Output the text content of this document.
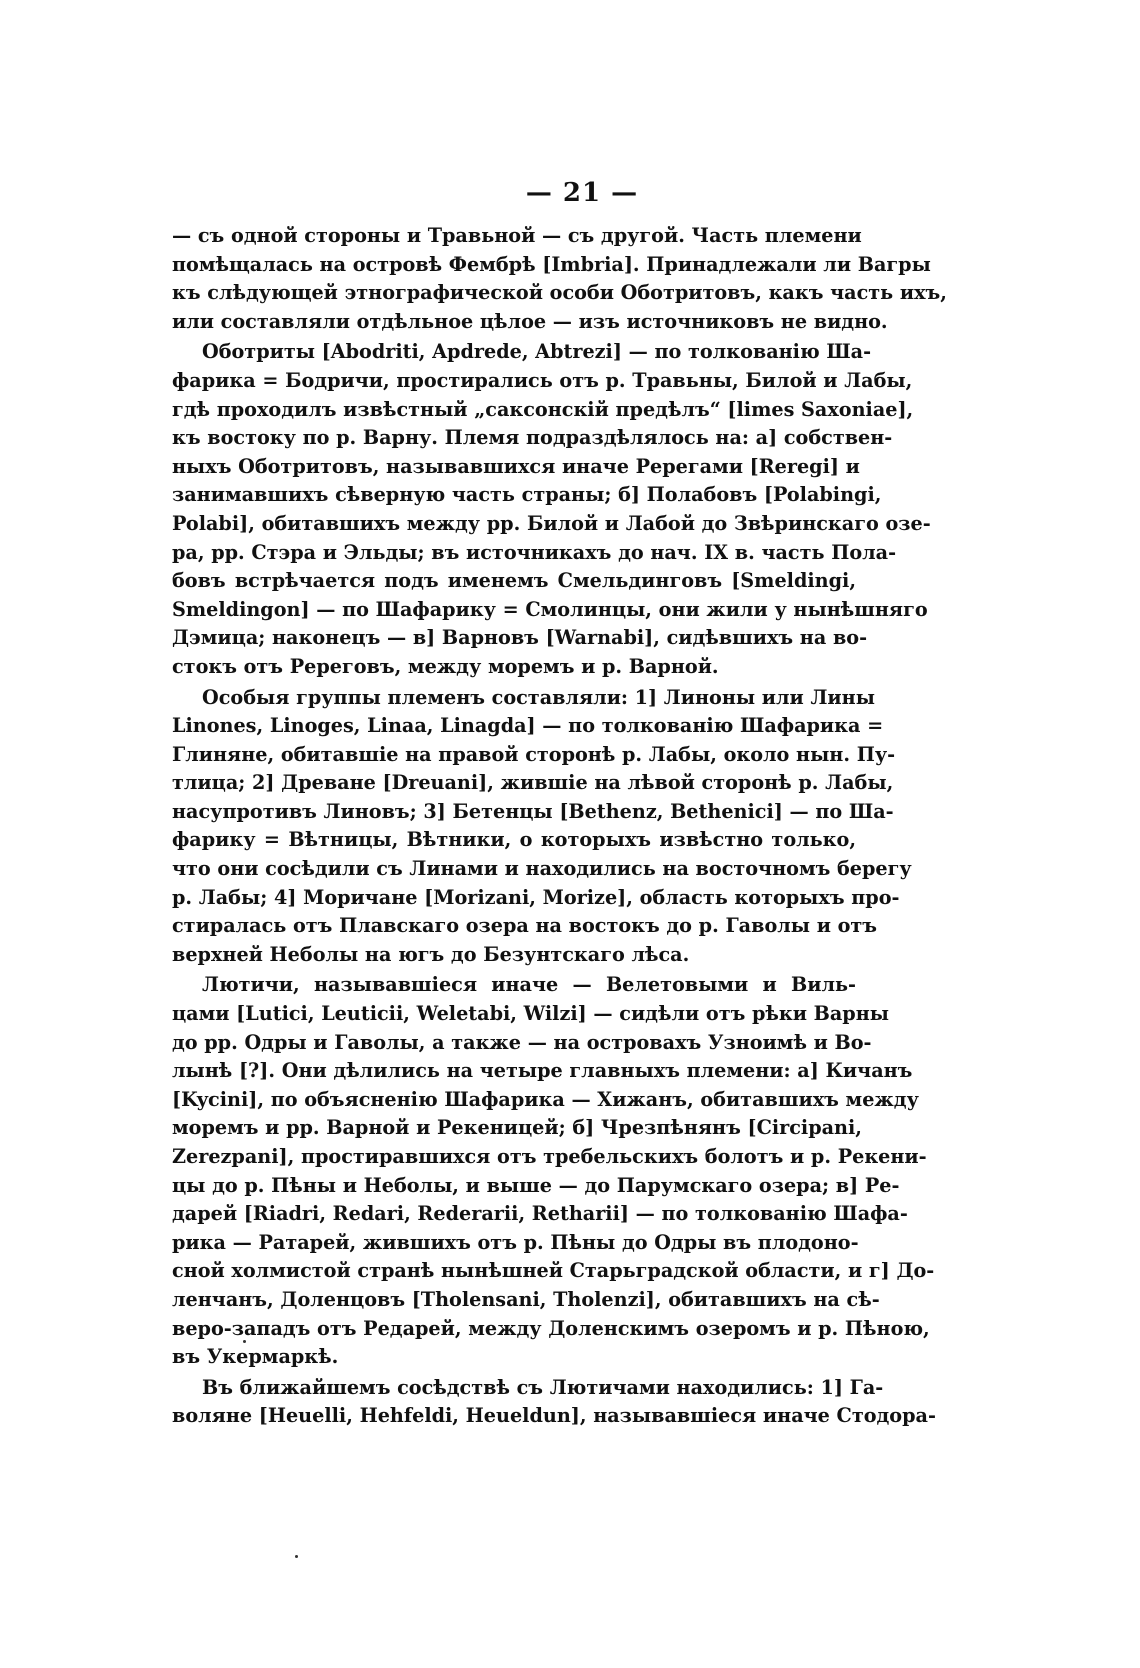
— 21 —
— съ одной стороны и Травьной — съ другой. Часть племени
помѣщалась на островѣ Фембрѣ [Imbria]. Принадлежали ли Вагры
къ слѣдующей этнографической особи Оботритовъ, какъ часть ихъ,
или составляли отдѣльное цѣлое — изъ источниковъ не видно.
Оботриты [Abodriti, Apdrede, Abtrezi] — по толкованію Ша-
фарика = Бодричи, простирались отъ р. Травьны, Билой и Лабы,
гдѣ проходилъ извѣстный „саксонскій предѣлъ“ [limes Saxoniae],
къ востоку по р. Варну. Племя подраздѣлялось на: а] собствен-
ныхъ Оботритовъ, называвшихся иначе Ререгами [Reregi] и
занимавшихъ сѣверную часть страны; б] Полабовъ [Polabingi,
Polabi], обитавшихъ между рр. Билой и Лабой до Звѣринскаго озе-
ра, рр. Стэра и Эльды; въ источникахъ до нач. IX в. часть Пола-
бовъ встрѣчается подъ именемъ Смельдинговъ [Smeldingi,
Smeldingon] — по Шафарику = Смолинцы, они жили у нынѣшняго
Дэмица; наконецъ — в] Варновъ [Warnabi], сидѣвшихъ на во-
стокъ отъ Ререговъ, между моремъ и р. Варной.
Особыя группы племенъ составляли: 1] Линоны или Лины
Linones, Linoges, Linaa, Linagda] — по толкованію Шафарика =
Глиняне, обитавшіе на правой сторонѣ р. Лабы, около нын. Пу-
тлица; 2] Древане [Dreuani], жившіе на лѣвой сторонѣ р. Лабы,
насупротивъ Линовъ; 3] Бетенцы [Bethenz, Bethenici] — по Ша-
фарику = Вѣтницы, Вѣтники, о которыхъ извѣстно только,
что они сосѣдили съ Линами и находились на восточномъ берегу
р. Лабы; 4] Моричане [Morizani, Morize], область которыхъ про-
стиралась отъ Плавскаго озера на востокъ до р. Гаволы и отъ
верхней Неболы на югъ до Безунтскаго лѣса.
Лютичи, называвшіеся иначе — Велетовыми и Виль-
цами [Lutici, Leuticii, Weletabi, Wilzi] — сидѣли отъ рѣки Варны
до рр. Одры и Гаволы, а также — на островахъ Узноимѣ и Во-
лынѣ [?]. Они дѣлились на четыре главныхъ племени: а] Кичанъ
[Kycini], по объясненію Шафарика — Хижанъ, обитавшихъ между
моремъ и рр. Варной и Рекеницей; б] Чрезпѣнянъ [Circipani,
Zerezpani], простиравшихся отъ требельскихъ болотъ и р. Рекени-
цы до р. Пѣны и Неболы, и выше — до Парумскаго озера; в] Ре-
дарей [Riadri, Redari, Rederarii, Retharii] — по толкованію Шафа-
рика — Ратарей, жившихъ отъ р. Пѣны до Одры въ плодоно-
сной холмистой странѣ нынѣшней Старьградской области, и г] До-
ленчанъ, Доленцовъ [Tholensani, Tholenzi], обитавшихъ на сѣ-
веро-западъ отъ Редарей, между Доленскимъ озеромъ и р. Пѣною,
въ Укермаркѣ.
Въ ближайшемъ сосѣдствѣ съ Лютичами находились: 1] Га-
воляне [Heuelli, Hehfeldi, Heueldun], называвшіеся иначе Стодора-
